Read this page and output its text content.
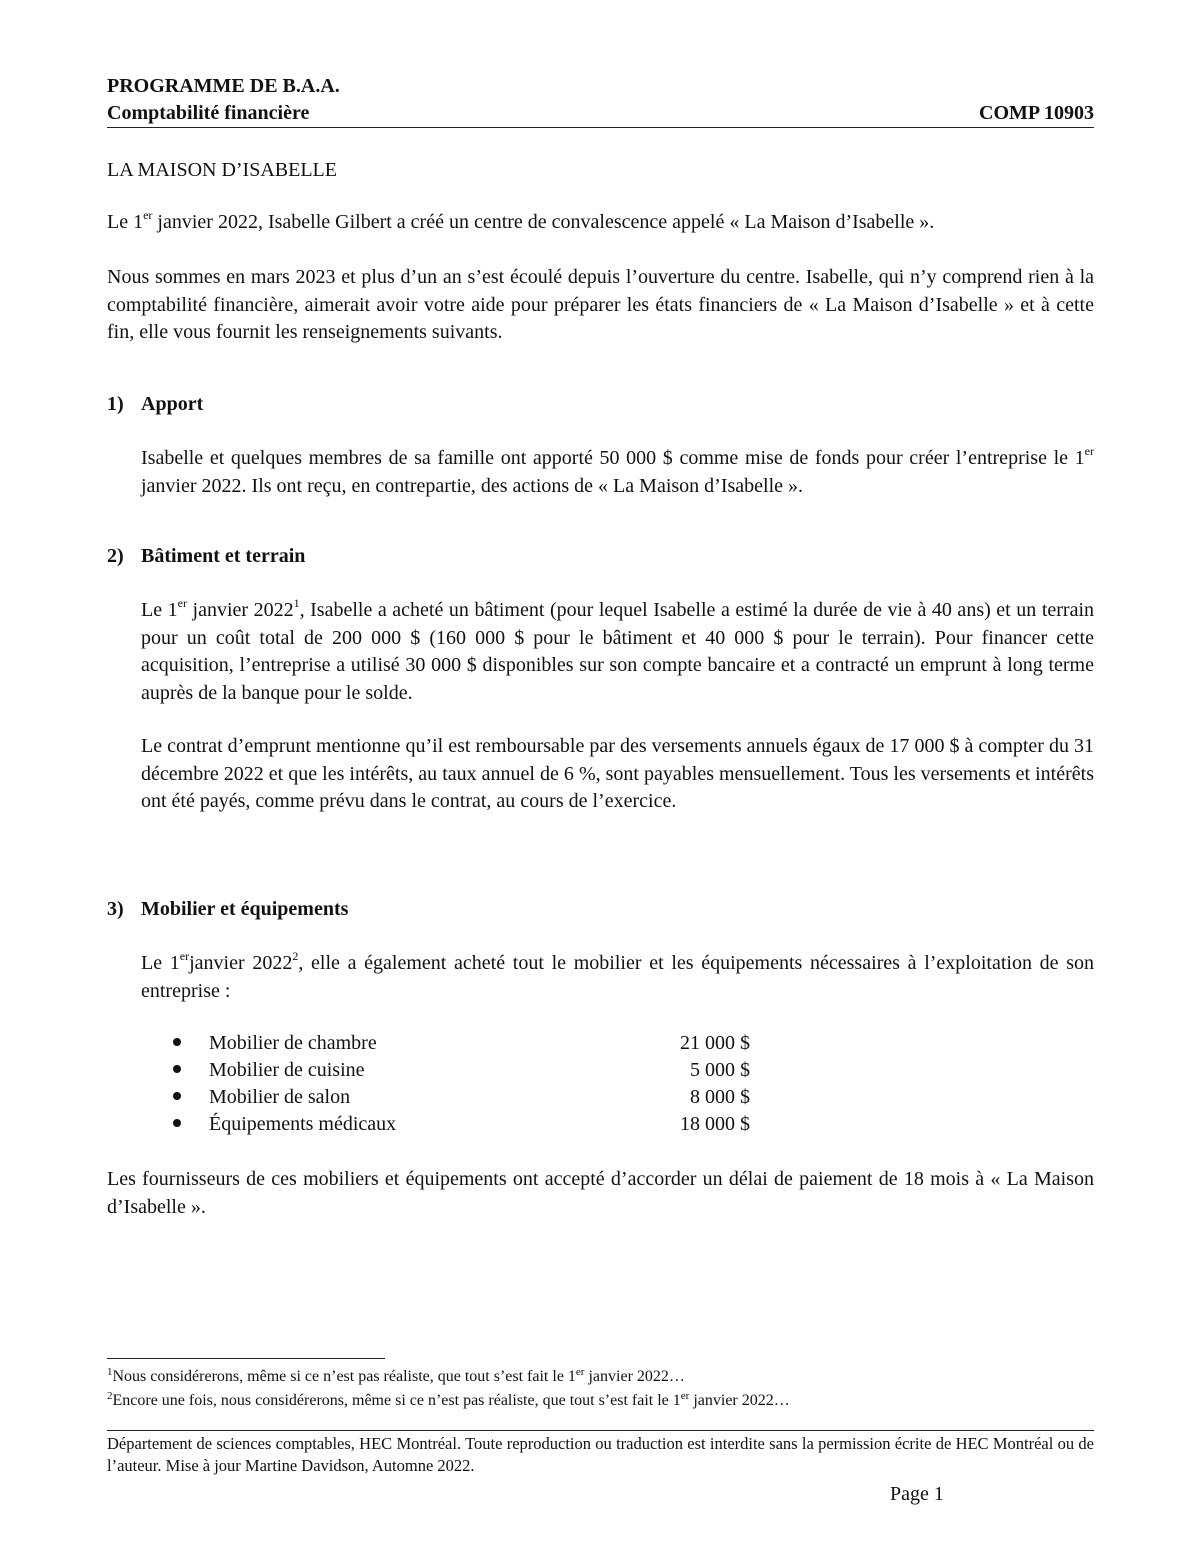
PROGRAMME DE B.A.A.
Comptabilité financière	COMP 10903
LA MAISON D’ISABELLE
Le 1er janvier 2022, Isabelle Gilbert a créé un centre de convalescence appelé « La Maison d’Isabelle ».
Nous sommes en mars 2023 et plus d’un an s’est écoulé depuis l’ouverture du centre. Isabelle, qui n’y comprend rien à la comptabilité financière, aimerait avoir votre aide pour préparer les états financiers de « La Maison d’Isabelle » et à cette fin, elle vous fournit les renseignements suivants.
1) Apport
Isabelle et quelques membres de sa famille ont apporté 50 000 $ comme mise de fonds pour créer l’entreprise le 1er janvier 2022. Ils ont reçu, en contrepartie, des actions de « La Maison d’Isabelle ».
2) Bâtiment et terrain
Le 1er janvier 2022$^1$, Isabelle a acheté un bâtiment (pour lequel Isabelle a estimé la durée de vie à 40 ans) et un terrain pour un coût total de 200 000 $ (160 000 $ pour le bâtiment et 40 000 $ pour le terrain). Pour financer cette acquisition, l’entreprise a utilisé 30 000 $ disponibles sur son compte bancaire et a contracté un emprunt à long terme auprès de la banque pour le solde.
Le contrat d’emprunt mentionne qu’il est remboursable par des versements annuels égaux de 17 000 $ à compter du 31 décembre 2022 et que les intérêts, au taux annuel de 6 %, sont payables mensuellement. Tous les versements et intérêts ont été payés, comme prévu dans le contrat, au cours de l’exercice.
3) Mobilier et équipements
Le 1erjanvier 2022$^2$, elle a également acheté tout le mobilier et les équipements nécessaires à l’exploitation de son entreprise :
Mobilier de chambre	21 000 $
Mobilier de cuisine	5 000 $
Mobilier de salon	8 000 $
Équipements médicaux	18 000 $
Les fournisseurs de ces mobiliers et équipements ont accepté d’accorder un délai de paiement de 18 mois à « La Maison d’Isabelle ».
$^1$Nous considérerons, même si ce n’est pas réaliste, que tout s’est fait le 1er janvier 2022…
$^2$Encore une fois, nous considérerons, même si ce n’est pas réaliste, que tout s’est fait le 1er janvier 2022…
Département de sciences comptables, HEC Montréal. Toute reproduction ou traduction est interdite sans la permission écrite de HEC Montréal ou de l’auteur. Mise à jour Martine Davidson, Automne 2022.
Page 1
